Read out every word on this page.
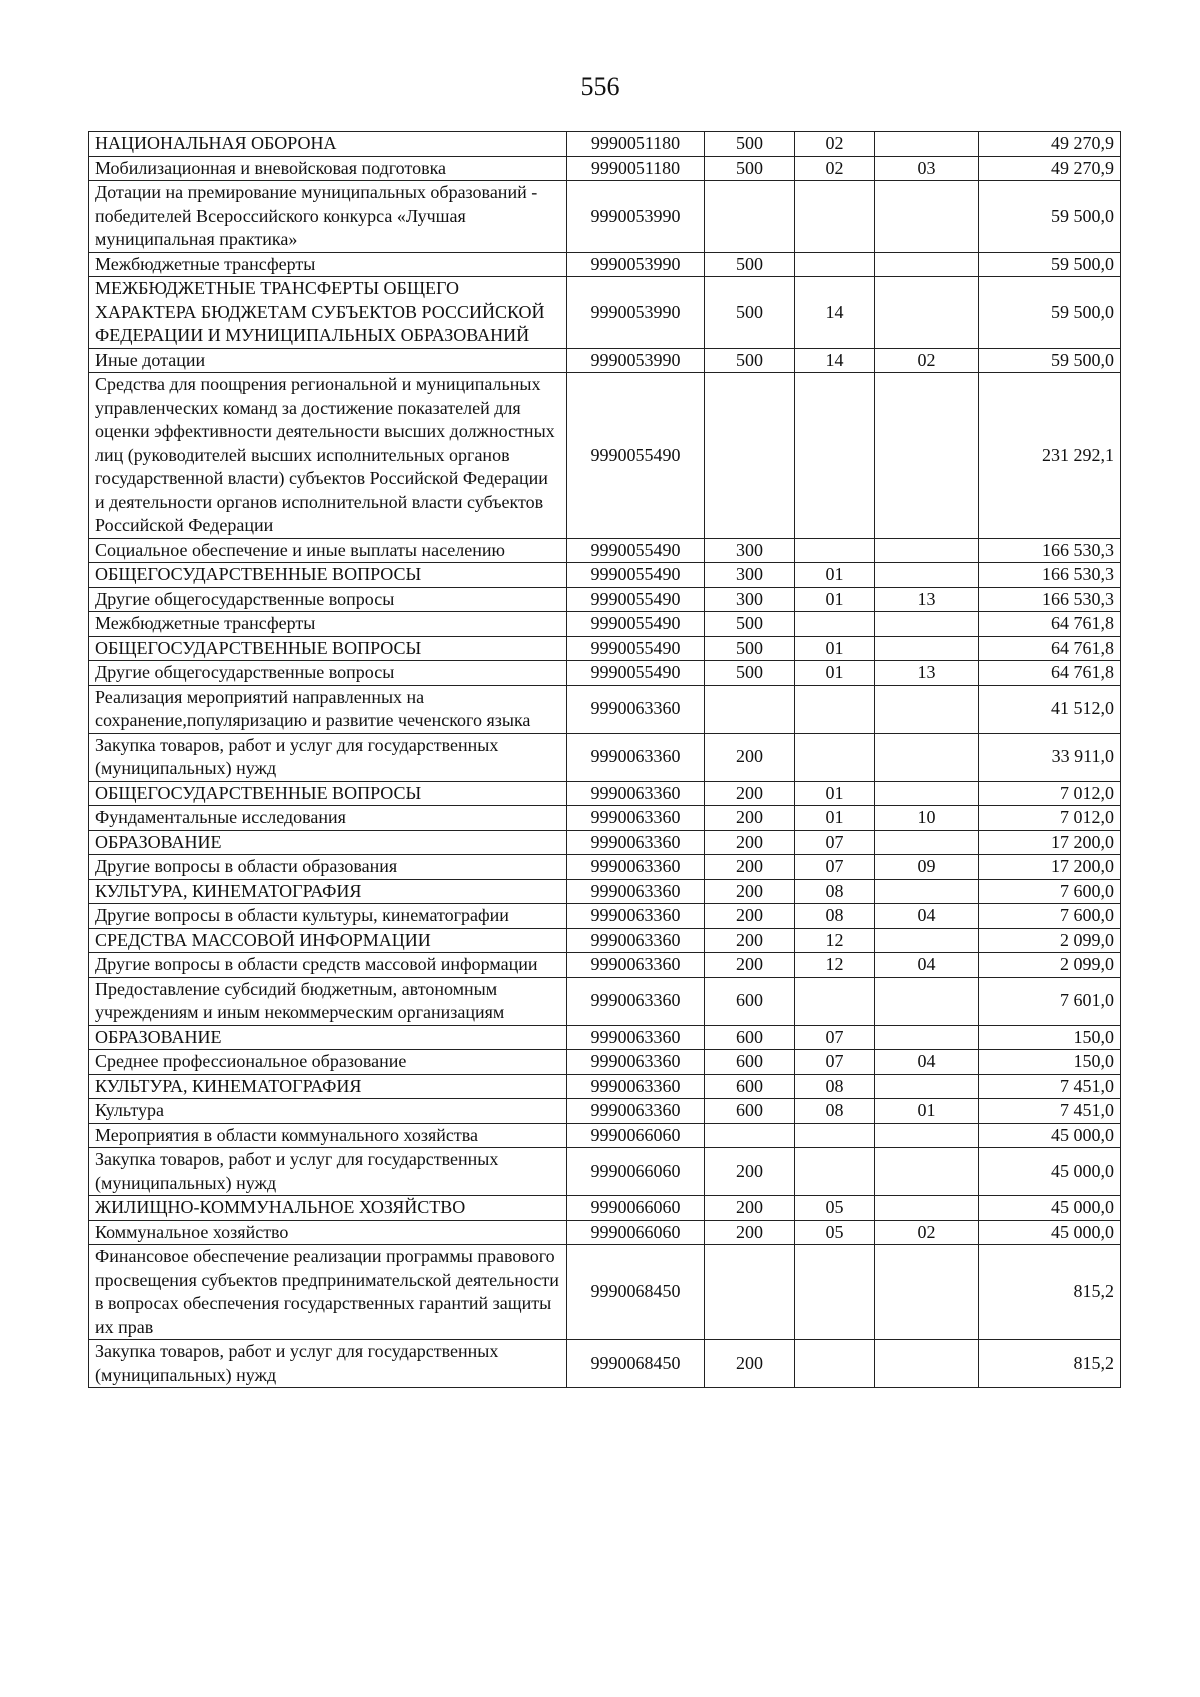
556
НАЦИОНАЛЬНАЯ ОБОРОНА	9990051180	500	02		49 270,9
Мобилизационная и вневойсковая подготовка	9990051180	500	02	03	49 270,9
Дотации на премирование муниципальных образований - победителей Всероссийского конкурса «Лучшая муниципальная практика»	9990053990				59 500,0
Межбюджетные трансферты	9990053990	500			59 500,0
МЕЖБЮДЖЕТНЫЕ ТРАНСФЕРТЫ ОБЩЕГО ХАРАКТЕРА БЮДЖЕТАМ СУБЪЕКТОВ РОССИЙСКОЙ ФЕДЕРАЦИИ И МУНИЦИПАЛЬНЫХ ОБРАЗОВАНИЙ	9990053990	500	14		59 500,0
Иные дотации	9990053990	500	14	02	59 500,0
Средства для поощрения региональной и муниципальных управленческих команд за достижение показателей для оценки эффективности деятельности высших должностных лиц (руководителей высших исполнительных органов государственной власти) субъектов Российской Федерации и деятельности органов исполнительной власти субъектов Российской Федерации	9990055490				231 292,1
Социальное обеспечение и иные выплаты населению	9990055490	300			166 530,3
ОБЩЕГОСУДАРСТВЕННЫЕ ВОПРОСЫ	9990055490	300	01		166 530,3
Другие общегосударственные вопросы	9990055490	300	01	13	166 530,3
Межбюджетные трансферты	9990055490	500			64 761,8
ОБЩЕГОСУДАРСТВЕННЫЕ ВОПРОСЫ	9990055490	500	01		64 761,8
Другие общегосударственные вопросы	9990055490	500	01	13	64 761,8
Реализация мероприятий направленных на сохранение,популяризацию и развитие чеченского языка	9990063360				41 512,0
Закупка товаров, работ и услуг для государственных (муниципальных) нужд	9990063360	200			33 911,0
ОБЩЕГОСУДАРСТВЕННЫЕ ВОПРОСЫ	9990063360	200	01		7 012,0
Фундаментальные исследования	9990063360	200	01	10	7 012,0
ОБРАЗОВАНИЕ	9990063360	200	07		17 200,0
Другие вопросы в области образования	9990063360	200	07	09	17 200,0
КУЛЬТУРА, КИНЕМАТОГРАФИЯ	9990063360	200	08		7 600,0
Другие вопросы в области культуры, кинематографии	9990063360	200	08	04	7 600,0
СРЕДСТВА МАССОВОЙ ИНФОРМАЦИИ	9990063360	200	12		2 099,0
Другие вопросы в области средств массовой информации	9990063360	200	12	04	2 099,0
Предоставление субсидий бюджетным, автономным учреждениям и иным некоммерческим организациям	9990063360	600			7 601,0
ОБРАЗОВАНИЕ	9990063360	600	07		150,0
Среднее профессиональное образование	9990063360	600	07	04	150,0
КУЛЬТУРА, КИНЕМАТОГРАФИЯ	9990063360	600	08		7 451,0
Культура	9990063360	600	08	01	7 451,0
Мероприятия в области коммунального хозяйства	9990066060				45 000,0
Закупка товаров, работ и услуг для государственных (муниципальных) нужд	9990066060	200			45 000,0
ЖИЛИЩНО-КОММУНАЛЬНОЕ ХОЗЯЙСТВО	9990066060	200	05		45 000,0
Коммунальное хозяйство	9990066060	200	05	02	45 000,0
Финансовое обеспечение реализации программы правового просвещения субъектов предпринимательской деятельности в вопросах обеспечения государственных гарантий защиты их прав	9990068450				815,2
Закупка товаров, работ и услуг для государственных (муниципальных) нужд	9990068450	200			815,2
